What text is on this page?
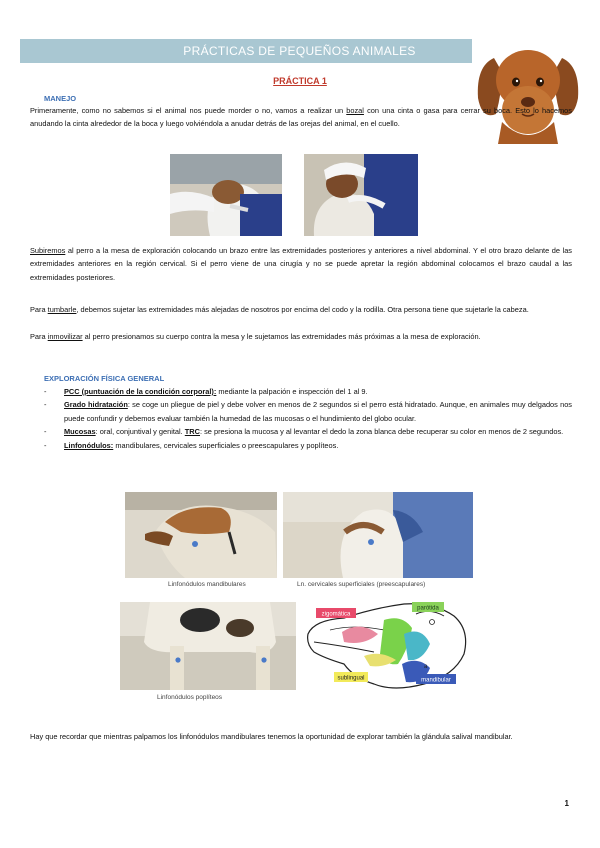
PRÁCTICAS DE PEQUEÑOS ANIMALES
PRÁCTICA 1
MANEJO
Primeramente, como no sabemos si el animal nos puede morder o no, vamos a realizar un bozal con una cinta o gasa para cerrar su boca. Esto lo hacemos anudando la cinta alrededor de la boca y luego volviéndola a anudar detrás de las orejas del animal, en el cuello.
Subiremos al perro a la mesa de exploración colocando un brazo entre las extremidades posteriores y anteriores a nivel abdominal. Y el otro brazo delante de las extremidades anteriores en la región cervical. Si el perro viene de una cirugía y no se puede apretar la región abdominal colocamos el brazo caudal a las extremidades posteriores.
Para tumbarle, debemos sujetar las extremidades más alejadas de nosotros por encima del codo y la rodilla. Otra persona tiene que sujetarle la cabeza.
Para inmovilizar al perro presionamos su cuerpo contra la mesa y le sujetamos las extremidades más próximas a la mesa de exploración.
EXPLORACIÓN FÍSICA GENERAL
- PCC (puntuación de la condición corporal): mediante la palpación e inspección del 1 al 9.
- Grado hidratación: se coge un pliegue de piel y debe volver en menos de 2 segundos si el perro está hidratado. Aunque, en animales muy delgados nos puede confundir y debemos evaluar también la humedad de las mucosas o el hundimiento del globo ocular.
- Mucosas: oral, conjuntival y genital. TRC: se presiona la mucosa y al levantar el dedo la zona blanca debe recuperar su color en menos de 2 segundos.
- Linfonódulos: mandibulares, cervicales superficiales o preescapulares y poplíteos.
Linfonódulos mandibulares	Ln. cervicales superficiales (preescapulares)
Linfonódulos poplíteos
zigomática
parótida
sublingual	mandibular
a
Hay que recordar que mientras palpamos los linfonódulos mandibulares tenemos la oportunidad de explorar también la glándula salival mandibular.
1
